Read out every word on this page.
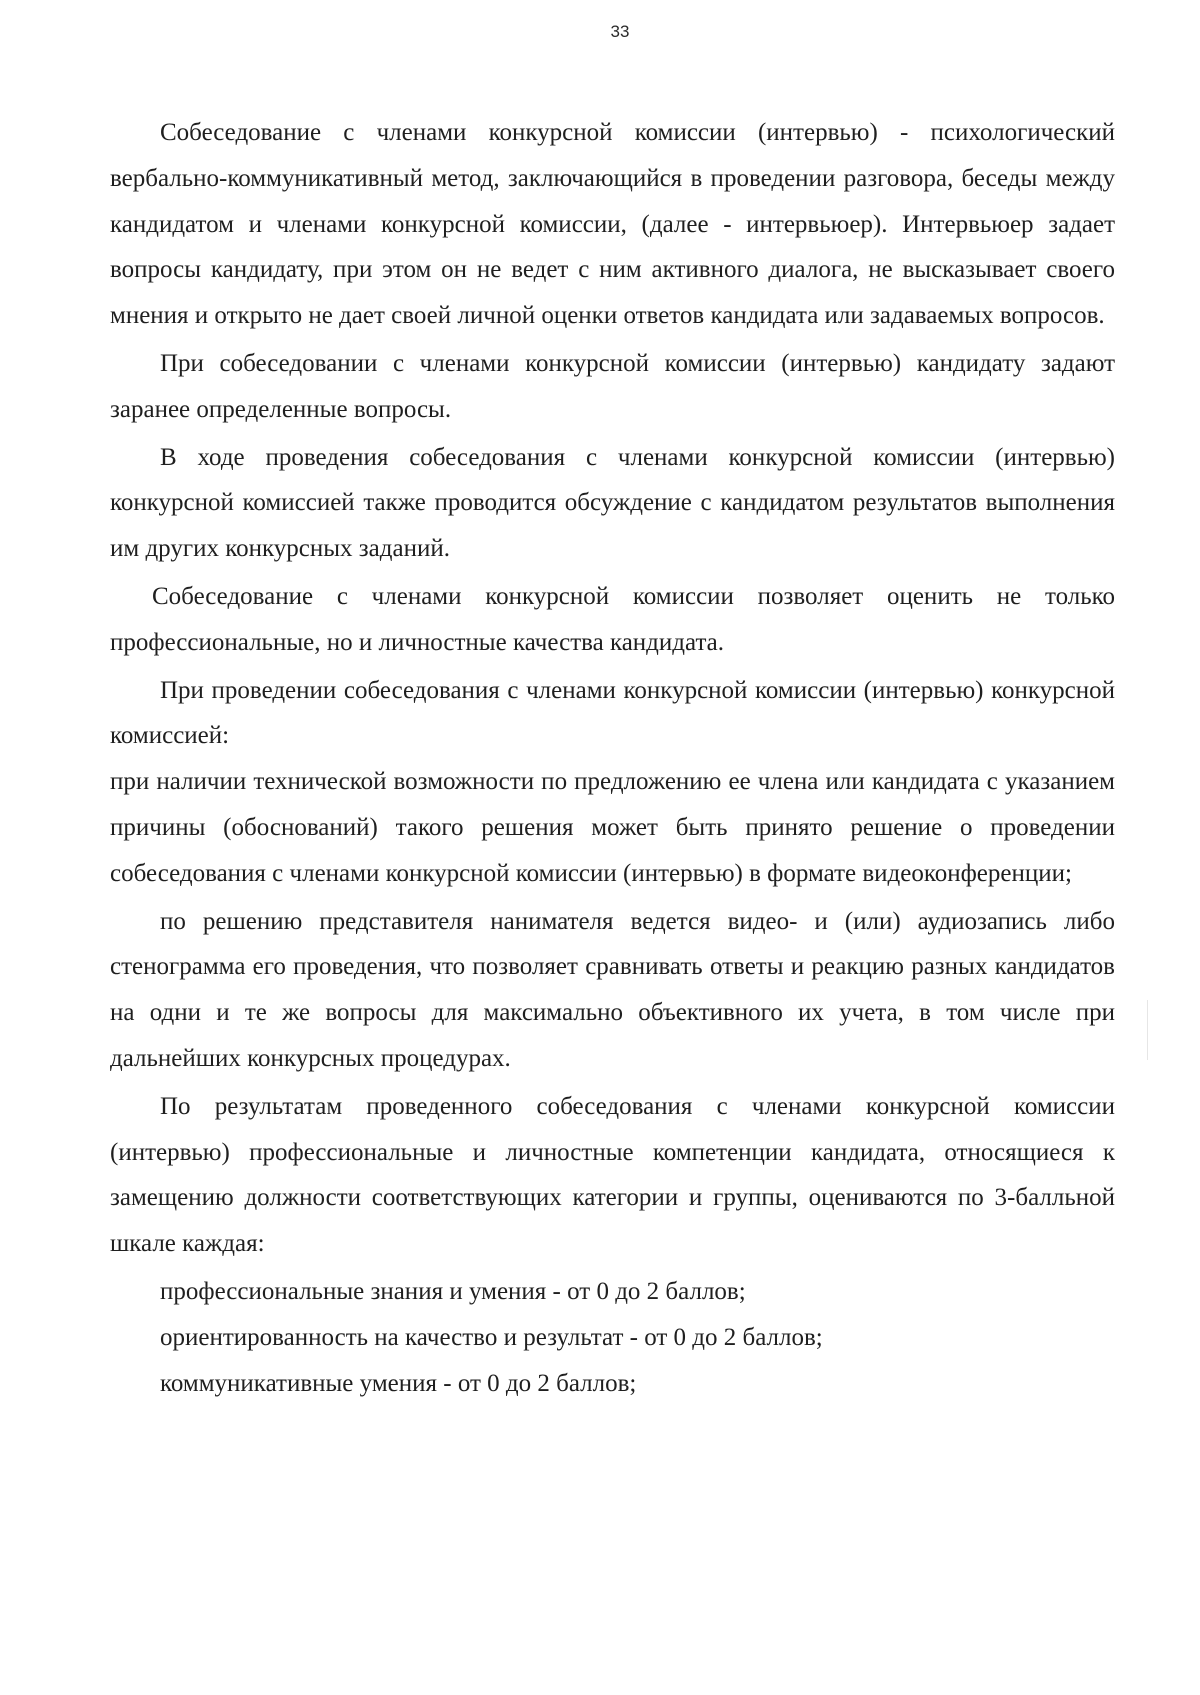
33

Собеседование с членами конкурсной комиссии (интервью) - психологический вербально-коммуникативный метод, заключающийся в проведении разговора, беседы между кандидатом и членами конкурсной комиссии, (далее - интервьюер). Интервьюер задает вопросы кандидату, при этом он не ведет с ним активного диалога, не высказывает своего мнения и открыто не дает своей личной оценки ответов кандидата или задаваемых вопросов.

При собеседовании с членами конкурсной комиссии (интервью) кандидату задают заранее определенные вопросы.

В ходе проведения собеседования с членами конкурсной комиссии (интервью) конкурсной комиссией также проводится обсуждение с кандидатом результатов выполнения им других конкурсных заданий.

Собеседование с членами конкурсной комиссии позволяет оценить не только профессиональные, но и личностные качества кандидата.

При проведении собеседования с членами конкурсной комиссии (интервью) конкурсной комиссией:

при наличии технической возможности по предложению ее члена или кандидата с указанием причины (обоснований) такого решения может быть принято решение о проведении собеседования с членами конкурсной комиссии (интервью) в формате видеоконференции;

по решению представителя нанимателя ведется видео- и (или) аудиозапись либо стенограмма его проведения, что позволяет сравнивать ответы и реакцию разных кандидатов на одни и те же вопросы для максимально объективного их учета, в том числе при дальнейших конкурсных процедурах.

По результатам проведенного собеседования с членами конкурсной комиссии (интервью) профессиональные и личностные компетенции кандидата, относящиеся к замещению должности соответствующих категории и группы, оцениваются по 3-балльной шкале каждая:

профессиональные знания и умения - от 0 до 2 баллов;

ориентированность на качество и результат - от 0 до 2 баллов;

коммуникативные умения - от 0 до 2 баллов;
